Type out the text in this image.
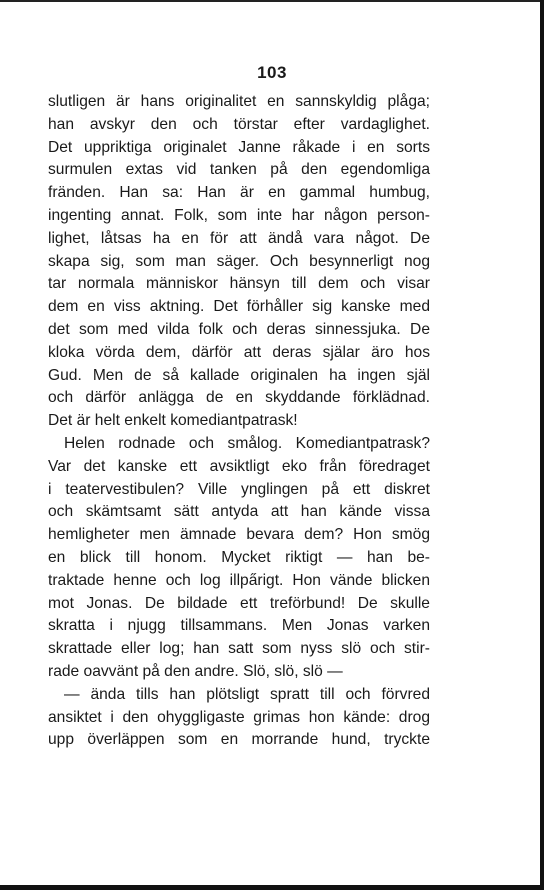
103
slutligen är hans originalitet en sannskyldig plåga;
han avskyr den och törstar efter vardaglighet.
Det uppriktiga originalet Janne råkade i en sorts
surmulen extas vid tanken på den egendomliga
fränden. Han sa: Han är en gammal humbug,
ingenting annat. Folk, som inte har någon person-
lighet, låtsas ha en för att ändå vara något. De
skapa sig, som man säger. Och besynnerligt nog
tar normala människor hänsyn till dem och visar
dem en viss aktning. Det förhåller sig kanske med
det som med vilda folk och deras sinnessjuka. De
kloka vörda dem, därför att deras själar äro hos
Gud. Men de så kallade originalen ha ingen själ
och därför anlägga de en skyddande förklädnad.
Det är helt enkelt komediantpatrask!
Helen rodnade och smålog. Komediantpatrask?
Var det kanske ett avsiktligt eko från föredraget
i teatervestibulen? Ville ynglingen på ett diskret
och skämtsamt sätt antyda att han kände vissa
hemligheter men ämnade bevara dem? Hon smög
en blick till honom. Mycket riktigt — han be-
traktade henne och log illpa̋rigt. Hon vände blicken
mot Jonas. De bildade ett treförbund! De skulle
skratta i njugg tillsammans. Men Jonas varken
skrattade eller log; han satt som nyss slö och stir-
rade oavvänt på den andre. Slö, slö, slö —
— ända tills han plötsligt spratt till och förvred
ansiktet i den ohyggligaste grimas hon kände: drog
upp överläppen som en morrande hund, tryckte
